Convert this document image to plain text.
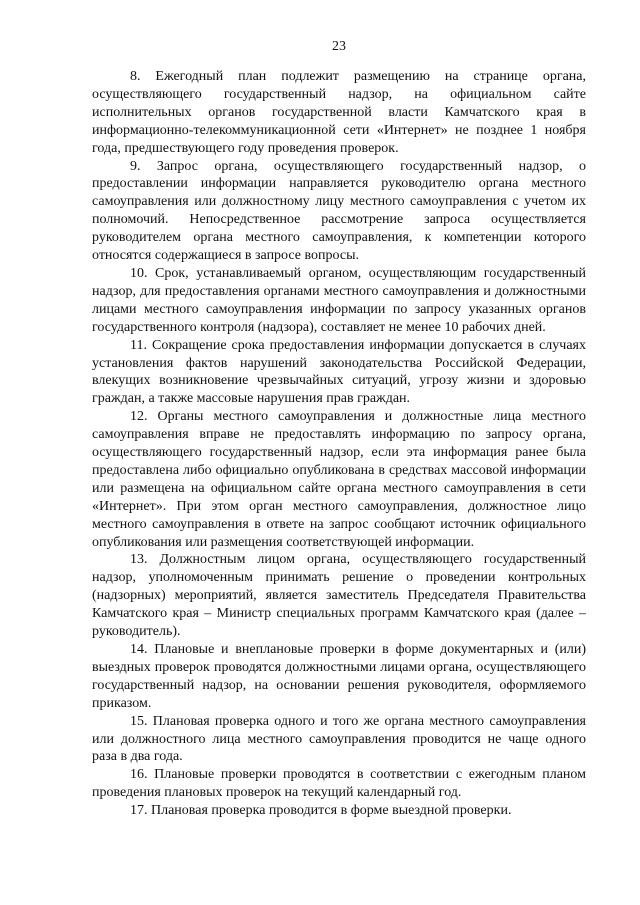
23

8. Ежегодный план подлежит размещению на странице органа, осуществляющего государственный надзор, на официальном сайте исполнительных органов государственной власти Камчатского края в информационно-телекоммуникационной сети «Интернет» не позднее 1 ноября года, предшествующего году проведения проверок.

9. Запрос органа, осуществляющего государственный надзор, о предоставлении информации направляется руководителю органа местного самоуправления или должностному лицу местного самоуправления с учетом их полномочий. Непосредственное рассмотрение запроса осуществляется руководителем органа местного самоуправления, к компетенции которого относятся содержащиеся в запросе вопросы.

10. Срок, устанавливаемый органом, осуществляющим государственный надзор, для предоставления органами местного самоуправления и должностными лицами местного самоуправления информации по запросу указанных органов государственного контроля (надзора), составляет не менее 10 рабочих дней.

11. Сокращение срока предоставления информации допускается в случаях установления фактов нарушений законодательства Российской Федерации, влекущих возникновение чрезвычайных ситуаций, угрозу жизни и здоровью граждан, а также массовые нарушения прав граждан.

12. Органы местного самоуправления и должностные лица местного самоуправления вправе не предоставлять информацию по запросу органа, осуществляющего государственный надзор, если эта информация ранее была предоставлена либо официально опубликована в средствах массовой информации или размещена на официальном сайте органа местного самоуправления в сети «Интернет». При этом орган местного самоуправления, должностное лицо местного самоуправления в ответе на запрос сообщают источник официального опубликования или размещения соответствующей информации.

13. Должностным лицом органа, осуществляющего государственный надзор, уполномоченным принимать решение о проведении контрольных (надзорных) мероприятий, является заместитель Председателя Правительства Камчатского края – Министр специальных программ Камчатского края (далее – руководитель).

14. Плановые и внеплановые проверки в форме документарных и (или) выездных проверок проводятся должностными лицами органа, осуществляющего государственный надзор, на основании решения руководителя, оформляемого приказом.

15. Плановая проверка одного и того же органа местного самоуправления или должностного лица местного самоуправления проводится не чаще одного раза в два года.

16. Плановые проверки проводятся в соответствии с ежегодным планом проведения плановых проверок на текущий календарный год.

17. Плановая проверка проводится в форме выездной проверки.
